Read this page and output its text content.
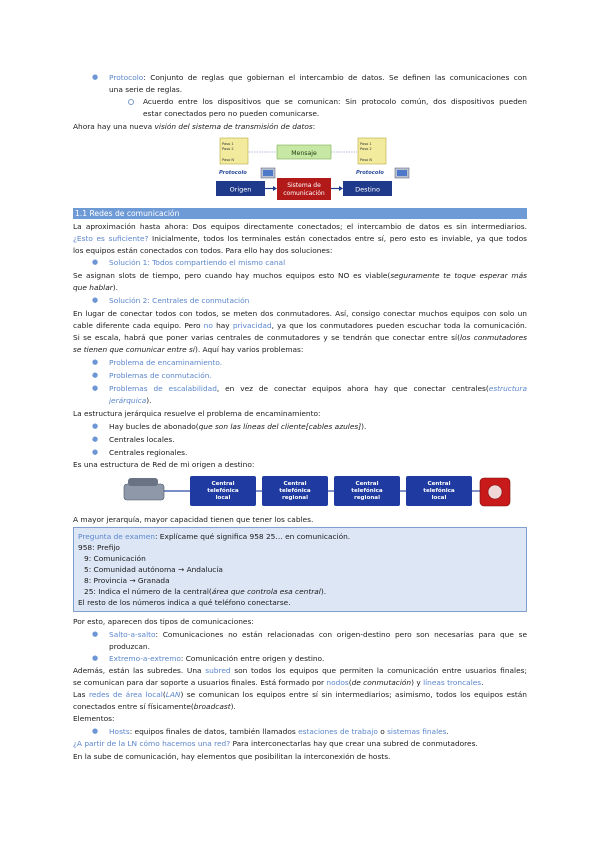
● Protocolo: Conjunto de reglas que gobiernan el intercambio de datos. Se definen las comunicaciones con
una serie de reglas.
Acuerdo entre los dispositivos que se comunican: Sin protocolo común, dos dispositivos pueden
estar conectados pero no pueden comunicarse.
Ahora hay una nueva visión del sistema de transmisión de datos:
Paso 1
Paso 2
Paso N
Paso 1
Paso 2
Paso N
Mensaje
Protocolo	Protocolo
Origen	Sistema de
comunicación	Destino
1.1 Redes de comunicación
La aproximación hasta ahora: Dos equipos directamente conectados; el intercambio de datos es sin intermediarios.
¿Esto es suficiente? Inicialmente, todos los terminales están conectados entre sí, pero esto es inviable, ya que todos
los equipos están conectados con todos. Para ello hay dos soluciones:
● Solución 1: Todos compartiendo el mismo canal
Se asignan slots de tiempo, pero cuando hay muchos equipos esto NO es viable(seguramente te toque esperar más
que hablar).
● Solución 2: Centrales de conmutación
En lugar de conectar todos con todos, se meten dos conmutadores. Así, consigo conectar muchos equipos con solo un
cable diferente cada equipo. Pero no hay privacidad, ya que los conmutadores pueden escuchar toda la comunicación.
Si se escala, habrá que poner varias centrales de conmutadores y se tendrán que conectar entre sí(los conmutadores
se tienen que comunicar entre sí). Aquí hay varios problemas:
● Problema de encaminamiento.
● Problemas de conmutación.
● Problemas de escalabilidad, en vez de conectar equipos ahora hay que conectar centrales(estructura
jerárquica).
La estructura jerárquica resuelve el problema de encaminamiento:
● Hay bucles de abonado(que son las líneas del cliente[cables azules]).
● Centrales locales.
● Centrales regionales.
Es una estructura de Red de mi origen a destino:
Central
telefónica
local
Central
telefónica
regional
Central
telefónica
regional
Central
telefónica
local
A mayor jerarquía, mayor capacidad tienen que tener los cables.
Pregunta de examen: Explícame qué significa 958 25… en comunicación.
958: Prefijo
9: Comunicación
5: Comunidad autónoma → Andalucía
8: Provincia → Granada
25: Indica el número de la central(área que controla esa central).
El resto de los números indica a qué teléfono conectarse.
Por esto, aparecen dos tipos de comunicaciones:
● Salto-a-salto: Comunicaciones no están relacionadas con origen-destino pero son necesarias para que se
produzcan.
● Extremo-a-extremo: Comunicación entre origen y destino.
Además, están las subredes. Una subred son todos los equipos que permiten la comunicación entre usuarios finales;
se comunican para dar soporte a usuarios finales. Está formado por nodos(de conmutación) y líneas troncales.
Las redes de área local(LAN) se comunican los equipos entre sí sin intermediarios; asimismo, todos los equipos están
conectados entre sí físicamente(broadcast).
Elementos:
● Hosts: equipos finales de datos, también llamados estaciones de trabajo o sistemas finales.
¿A partir de la LN cómo hacemos una red? Para interconectarlas hay que crear una subred de conmutadores.
En la sube de comunicación, hay elementos que posibilitan la interconexión de hosts.
